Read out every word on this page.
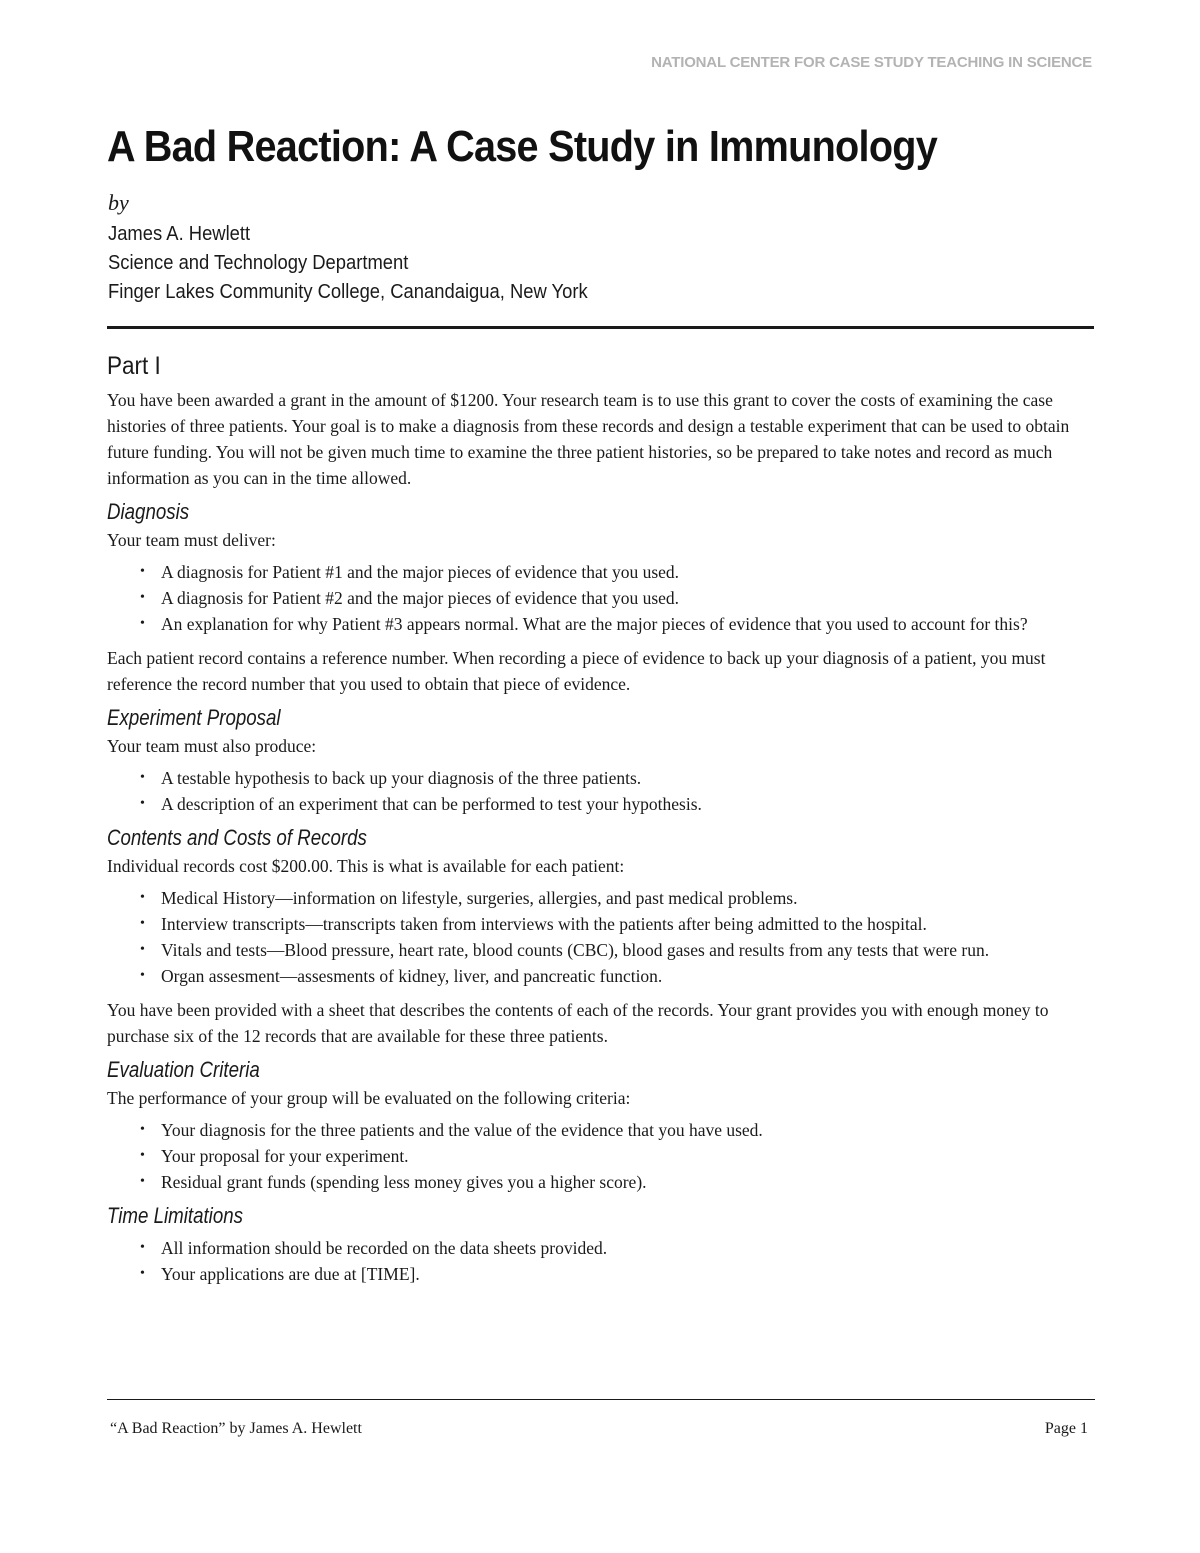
NATIONAL CENTER FOR CASE STUDY TEACHING IN SCIENCE
A Bad Reaction: A Case Study in Immunology
by
James A. Hewlett
Science and Technology Department
Finger Lakes Community College, Canandaigua, New York
Part I

You have been awarded a grant in the amount of $1200. Your research team is to use this grant to cover the costs of examining the case histories of three patients. Your goal is to make a diagnosis from these records and design a testable experiment that can be used to obtain future funding. You will not be given much time to examine the three patient histories, so be prepared to take notes and record as much information as you can in the time allowed.

Diagnosis

Your team must deliver:

• A diagnosis for Patient #1 and the major pieces of evidence that you used.
• A diagnosis for Patient #2 and the major pieces of evidence that you used.
• An explanation for why Patient #3 appears normal. What are the major pieces of evidence that you used to account for this?

Each patient record contains a reference number. When recording a piece of evidence to back up your diagnosis of a patient, you must reference the record number that you used to obtain that piece of evidence.

Experiment Proposal

Your team must also produce:

• A testable hypothesis to back up your diagnosis of the three patients.
• A description of an experiment that can be performed to test your hypothesis.
Contents and Costs of Records

Individual records cost $200.00. This is what is available for each patient:

• Medical History—information on lifestyle, surgeries, allergies, and past medical problems.
• Interview transcripts—transcripts taken from interviews with the patients after being admitted to the hospital.
• Vitals and tests—Blood pressure, heart rate, blood counts (CBC), blood gases and results from any tests that were run.
• Organ assesment—assesments of kidney, liver, and pancreatic function.

You have been provided with a sheet that describes the contents of each of the records. Your grant provides you with enough money to purchase six of the 12 records that are available for these three patients.

Evaluation Criteria

The performance of your group will be evaluated on the following criteria:

• Your diagnosis for the three patients and the value of the evidence that you have used.
• Your proposal for your experiment.
• Residual grant funds (spending less money gives you a higher score).
Time Limitations
• All information should be recorded on the data sheets provided.
• Your applications are due at [TIME].
“A Bad Reaction” by James A. Hewlett	Page 1
